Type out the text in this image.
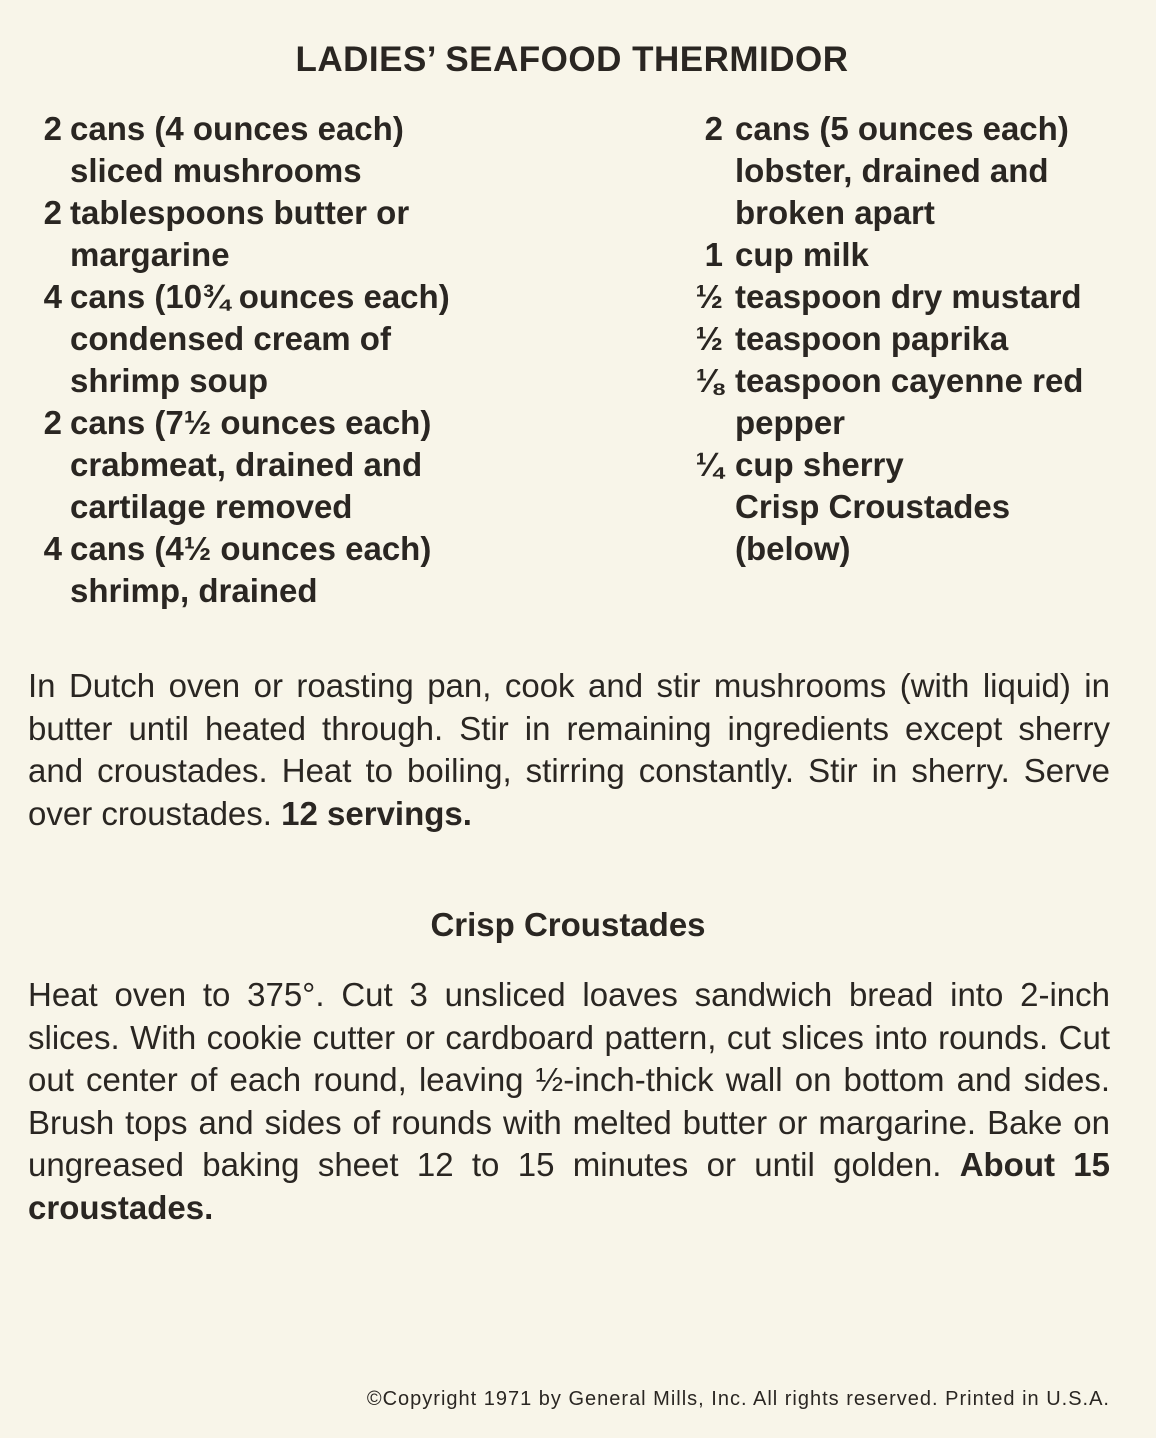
LADIES’ SEAFOOD THERMIDOR
2 cans (4 ounces each)
sliced mushrooms
2 tablespoons butter or
margarine
4 cans (10¾ ounces each)
condensed cream of
shrimp soup
2 cans (7½ ounces each)
crabmeat, drained and
cartilage removed
4 cans (4½ ounces each)
shrimp, drained
2 cans (5 ounces each)
lobster, drained and
broken apart
1 cup milk
½ teaspoon dry mustard
½ teaspoon paprika
⅛ teaspoon cayenne red
pepper
¼ cup sherry
Crisp Croustades
(below)
In Dutch oven or roasting pan, cook and stir mushrooms (with liquid) in butter until heated through. Stir in remaining ingredients except sherry and croustades. Heat to boiling, stirring constantly. Stir in sherry. Serve over croustades. 12 servings.
Crisp Croustades
Heat oven to 375°. Cut 3 unsliced loaves sandwich bread into 2-inch slices. With cookie cutter or cardboard pattern, cut slices into rounds. Cut out center of each round, leaving ½-inch-thick wall on bottom and sides. Brush tops and sides of rounds with melted butter or margarine. Bake on ungreased baking sheet 12 to 15 minutes or until golden. About 15 croustades.
©Copyright 1971 by General Mills, Inc. All rights reserved. Printed in U.S.A.
